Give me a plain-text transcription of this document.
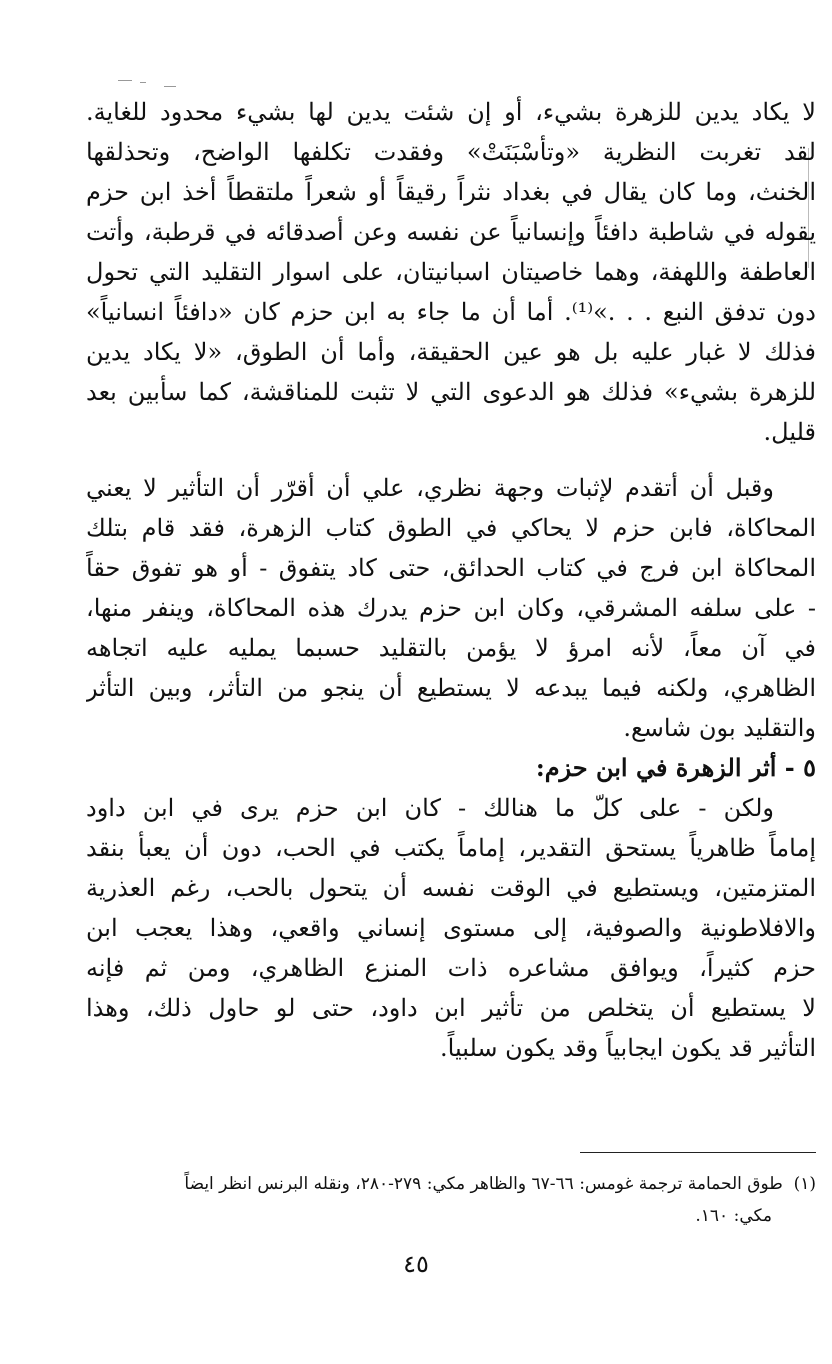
لا يكاد يدين للزهرة بشيء، أو إن شئت يدين لها بشيء محدود للغاية.
لقد تغربت النظرية «وتأسْبَنَتْ» وفقدت تكلفها الواضح، وتحذلقها
الخنث، وما كان يقال في بغداد نثراً رقيقاً أو شعراً ملتقطاً أخذ ابن حزم
يقوله في شاطبة دافئاً وإنسانياً عن نفسه وعن أصدقائه في قرطبة، وأتت
العاطفة واللهفة، وهما خاصيتان اسبانيتان، على اسوار التقليد التي تحول
دون تدفق النبع . . .»⁽¹⁾. أما أن ما جاء به ابن حزم كان «دافئاً انسانياً»
فذلك لا غبار عليه بل هو عين الحقيقة، وأما أن الطوق، «لا يكاد يدين
للزهرة بشيء» فذلك هو الدعوى التي لا تثبت للمناقشة، كما سأبين بعد
قليل.
وقبل أن أتقدم لإثبات وجهة نظري، علي أن أقرّر أن التأثير لا يعني
المحاكاة، فابن حزم لا يحاكي في الطوق كتاب الزهرة، فقد قام بتلك
المحاكاة ابن فرج في كتاب الحدائق، حتى كاد يتفوق - أو هو تفوق حقاً
- على سلفه المشرقي، وكان ابن حزم يدرك هذه المحاكاة، وينفر منها،
في آن معاً، لأنه امرؤ لا يؤمن بالتقليد حسبما يمليه عليه اتجاهه
الظاهري، ولكنه فيما يبدعه لا يستطيع أن ينجو من التأثر، وبين التأثر
والتقليد بون شاسع.
٥ - أثر الزهرة في ابن حزم:
ولكن - على كلّ ما هنالك - كان ابن حزم يرى في ابن داود
إماماً ظاهرياً يستحق التقدير، إماماً يكتب في الحب، دون أن يعبأ بنقد
المتزمتين، ويستطيع في الوقت نفسه أن يتحول بالحب، رغم العذرية
والافلاطونية والصوفية، إلى مستوى إنساني واقعي، وهذا يعجب ابن
حزم كثيراً، ويوافق مشاعره ذات المنزع الظاهري، ومن ثم فإنه
لا يستطيع أن يتخلص من تأثير ابن داود، حتى لو حاول ذلك، وهذا
التأثير قد يكون ايجابياً وقد يكون سلبياً.
(١)  طوق الحمامة ترجمة غومس: ٦٦-٦٧ والظاهر مكي: ٢٧٩-٢٨٠، ونقله البرنس انظر ايضاً
مكي: ١٦٠.
٤٥
